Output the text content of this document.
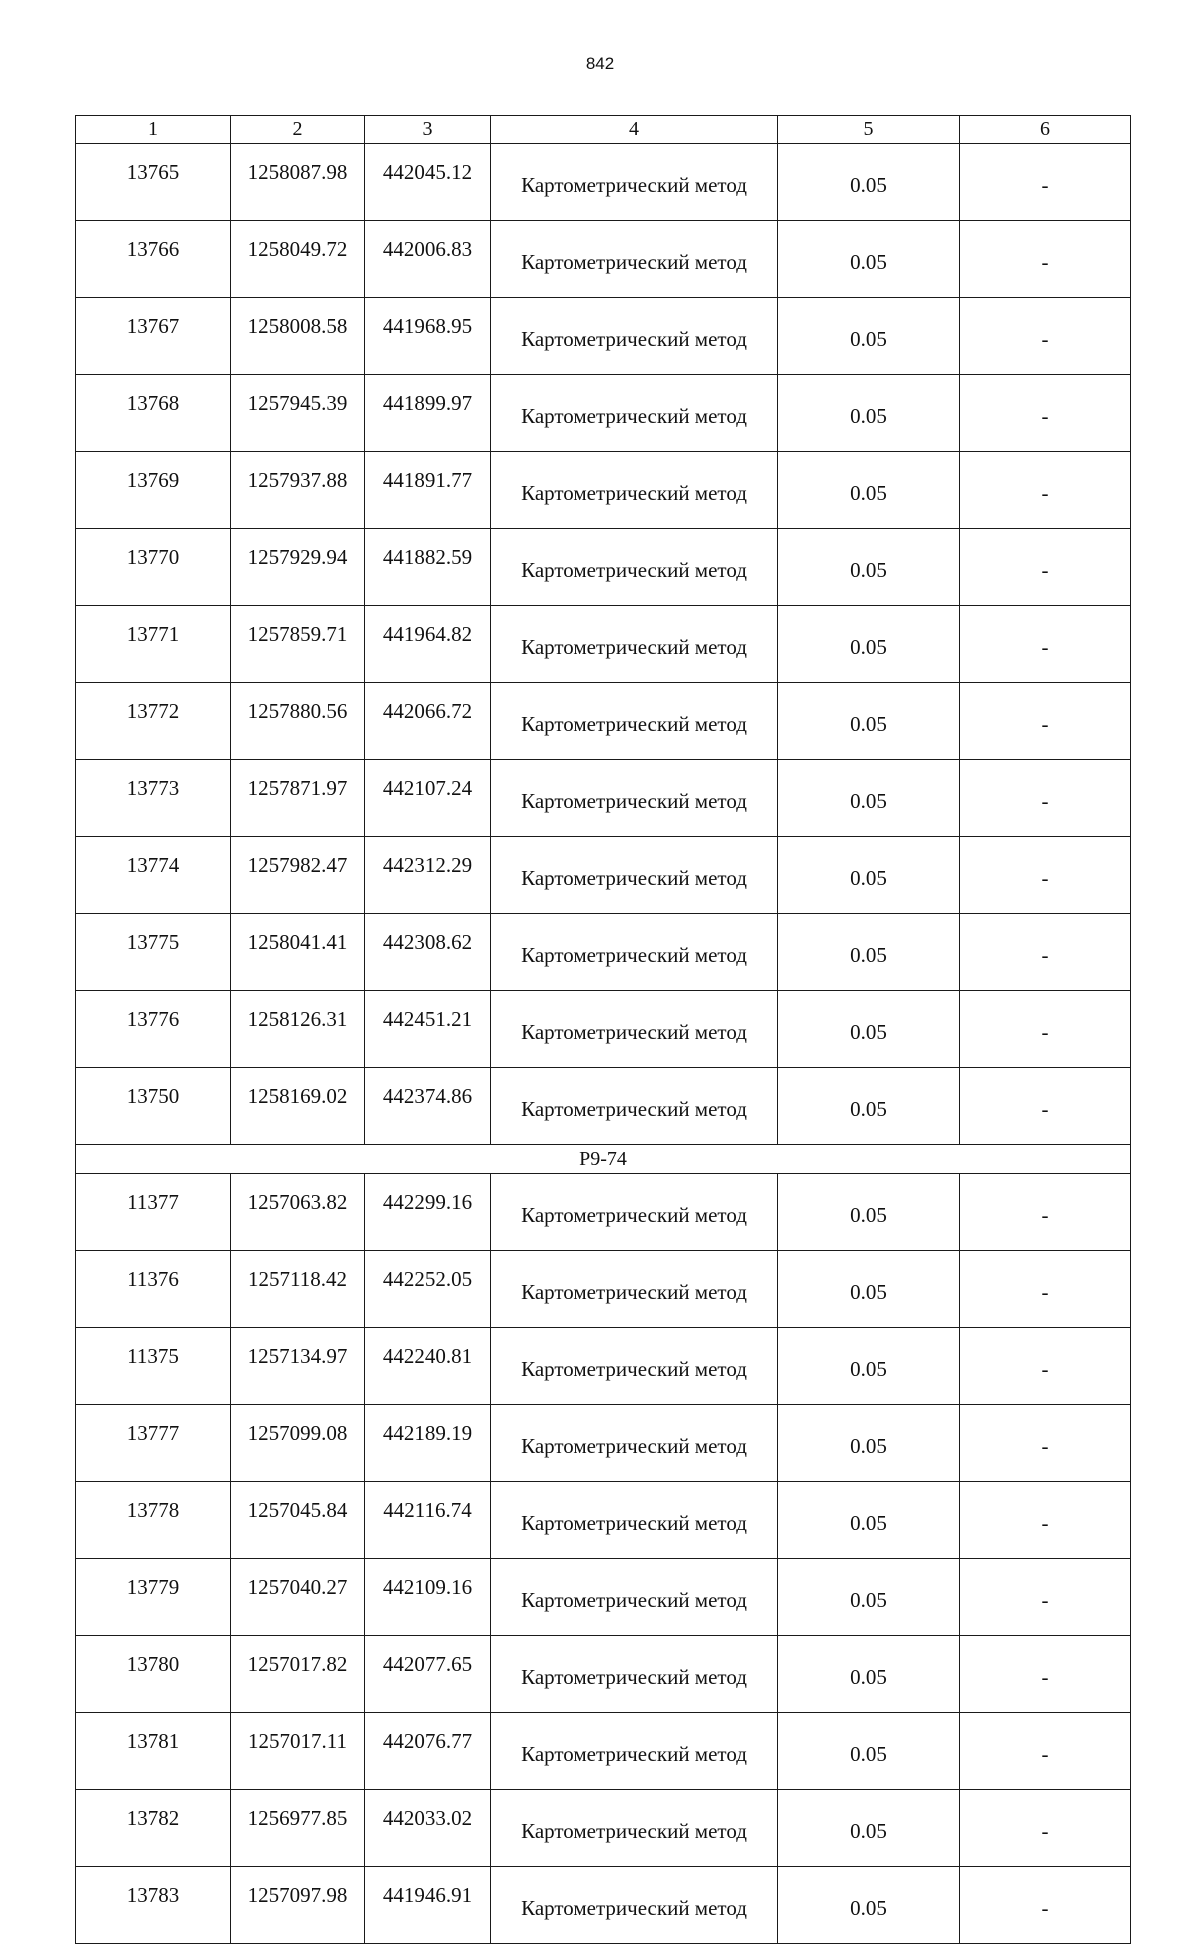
842
1	2	3	4	5	6
13765	1258087.98	442045.12	Картометрический метод	0.05	-
13766	1258049.72	442006.83	Картометрический метод	0.05	-
13767	1258008.58	441968.95	Картометрический метод	0.05	-
13768	1257945.39	441899.97	Картометрический метод	0.05	-
13769	1257937.88	441891.77	Картометрический метод	0.05	-
13770	1257929.94	441882.59	Картометрический метод	0.05	-
13771	1257859.71	441964.82	Картометрический метод	0.05	-
13772	1257880.56	442066.72	Картометрический метод	0.05	-
13773	1257871.97	442107.24	Картометрический метод	0.05	-
13774	1257982.47	442312.29	Картометрический метод	0.05	-
13775	1258041.41	442308.62	Картометрический метод	0.05	-
13776	1258126.31	442451.21	Картометрический метод	0.05	-
13750	1258169.02	442374.86	Картометрический метод	0.05	-
Р9-74					
11377	1257063.82	442299.16	Картометрический метод	0.05	-
11376	1257118.42	442252.05	Картометрический метод	0.05	-
11375	1257134.97	442240.81	Картометрический метод	0.05	-
13777	1257099.08	442189.19	Картометрический метод	0.05	-
13778	1257045.84	442116.74	Картометрический метод	0.05	-
13779	1257040.27	442109.16	Картометрический метод	0.05	-
13780	1257017.82	442077.65	Картометрический метод	0.05	-
13781	1257017.11	442076.77	Картометрический метод	0.05	-
13782	1256977.85	442033.02	Картометрический метод	0.05	-
13783	1257097.98	441946.91	Картометрический метод	0.05	-
